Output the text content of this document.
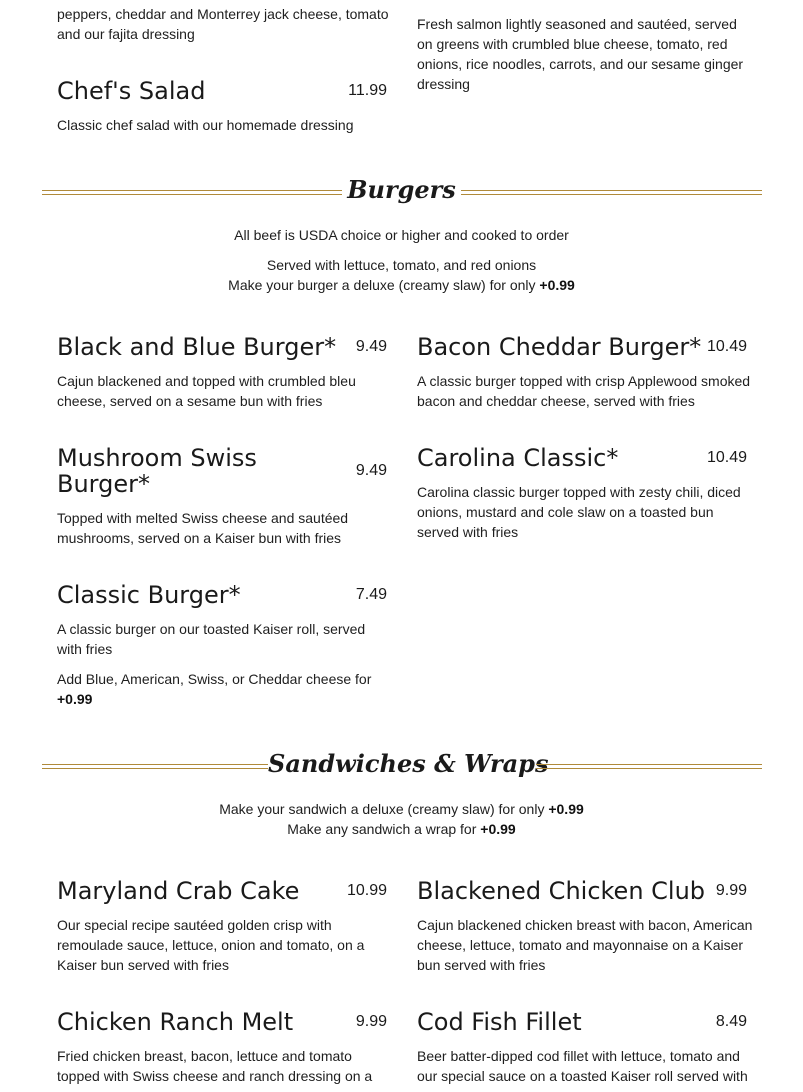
peppers, cheddar and Monterrey jack cheese, tomato and our fajita dressing
Fresh salmon lightly seasoned and sautéed, served on greens with crumbled blue cheese, tomato, red onions, rice noodles, carrots, and our sesame ginger dressing
Chef's Salad	11.99
Classic chef salad with our homemade dressing
Burgers
All beef is USDA choice or higher and cooked to order
Served with lettuce, tomato, and red onions
Make your burger a deluxe (creamy slaw) for only +0.99
Black and Blue Burger*	9.49
Cajun blackened and topped with crumbled bleu cheese, served on a sesame bun with fries
Bacon Cheddar Burger* 10.49
A classic burger topped with crisp Applewood smoked bacon and cheddar cheese, served with fries
Mushroom Swiss
Burger*	9.49
Topped with melted Swiss cheese and sautéed mushrooms, served on a Kaiser bun with fries
Carolina Classic*	10.49
Carolina classic burger topped with zesty chili, diced onions, mustard and cole slaw on a toasted bun served with fries
Classic Burger*	7.49
A classic burger on our toasted Kaiser roll, served with fries
Add Blue, American, Swiss, or Cheddar cheese for
+0.99
Sandwiches & Wraps
Make your sandwich a deluxe (creamy slaw) for only +0.99
Make any sandwich a wrap for +0.99
Maryland Crab Cake	10.99
Our special recipe sautéed golden crisp with remoulade sauce, lettuce, onion and tomato, on a Kaiser bun served with fries
Blackened Chicken Club 9.99
Cajun blackened chicken breast with bacon, American cheese, lettuce, tomato and mayonnaise on a Kaiser bun served with fries
Chicken Ranch Melt	9.99
Fried chicken breast, bacon, lettuce and tomato topped with Swiss cheese and ranch dressing on a
Cod Fish Fillet	8.49
Beer batter-dipped cod fillet with lettuce, tomato and our special sauce on a toasted Kaiser roll served with
